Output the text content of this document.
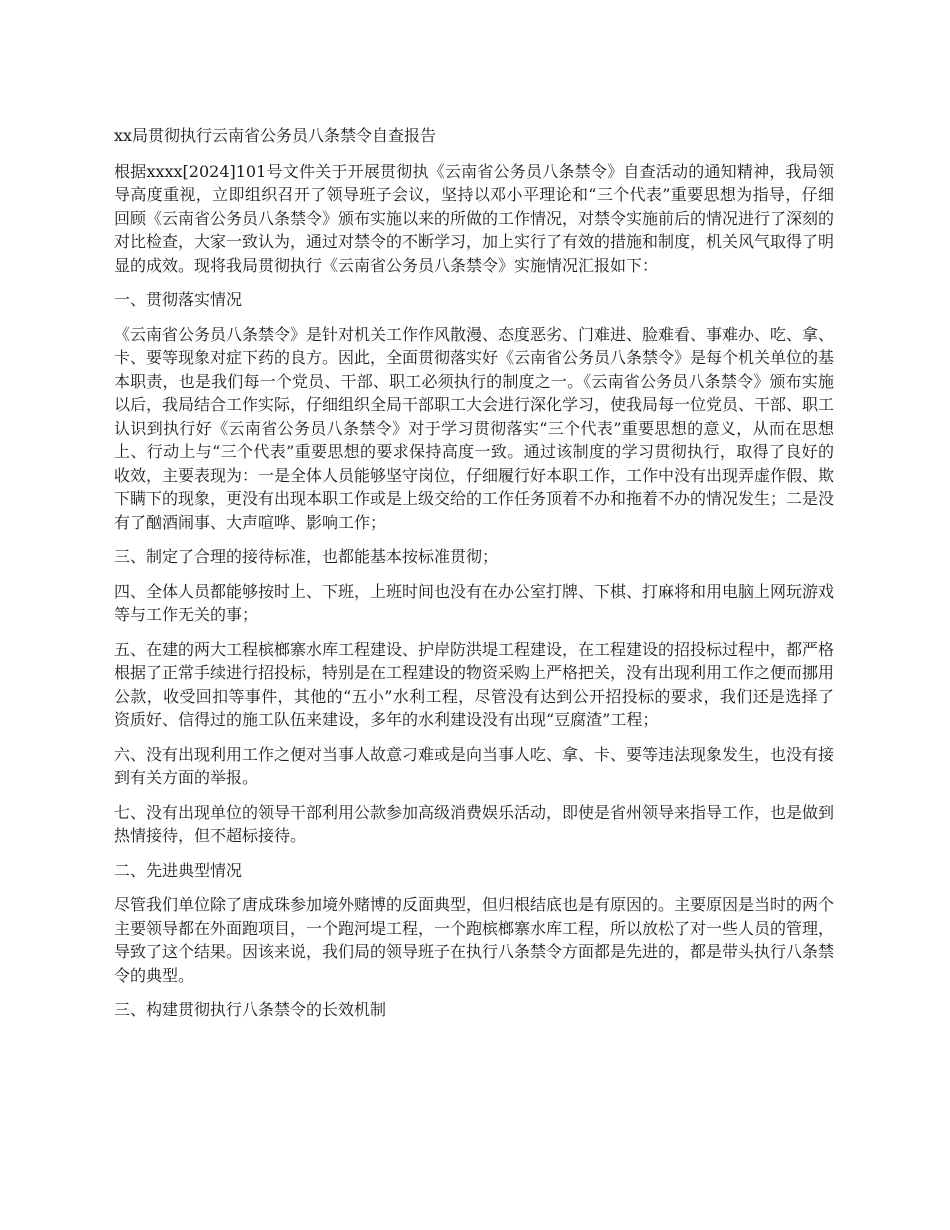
xx局贯彻执行云南省公务员八条禁令自查报告

根据xxxx[2024]101号文件关于开展贯彻执《云南省公务员八条禁令》自查活动的通知精神，我局领导高度重视，立即组织召开了领导班子会议，坚持以邓小平理论和“三个代表”重要思想为指导，仔细回顾《云南省公务员八条禁令》颁布实施以来的所做的工作情况，对禁令实施前后的情况进行了深刻的对比检查，大家一致认为，通过对禁令的不断学习，加上实行了有效的措施和制度，机关风气取得了明显的成效。现将我局贯彻执行《云南省公务员八条禁令》实施情况汇报如下：

一、贯彻落实情况

《云南省公务员八条禁令》是针对机关工作作风散漫、态度恶劣、门难进、脸难看、事难办、吃、拿、卡、要等现象对症下药的良方。因此，全面贯彻落实好《云南省公务员八条禁令》是每个机关单位的基本职责，也是我们每一个党员、干部、职工必须执行的制度之一。《云南省公务员八条禁令》颁布实施以后，我局结合工作实际，仔细组织全局干部职工大会进行深化学习，使我局每一位党员、干部、职工认识到执行好《云南省公务员八条禁令》对于学习贯彻落实“三个代表”重要思想的意义，从而在思想上、行动上与“三个代表”重要思想的要求保持高度一致。通过该制度的学习贯彻执行，取得了良好的收效，主要表现为：一是全体人员能够坚守岗位，仔细履行好本职工作，工作中没有出现弄虚作假、欺下瞒下的现象，更没有出现本职工作或是上级交给的工作任务顶着不办和拖着不办的情况发生；二是没有了酗酒闹事、大声喧哗、影响工作；

三、制定了合理的接待标准，也都能基本按标准贯彻；

四、全体人员都能够按时上、下班，上班时间也没有在办公室打牌、下棋、打麻将和用电脑上网玩游戏等与工作无关的事；

五、在建的两大工程槟榔寨水库工程建设、护岸防洪堤工程建设，在工程建设的招投标过程中，都严格根据了正常手续进行招投标，特别是在工程建设的物资采购上严格把关，没有出现利用工作之便而挪用公款，收受回扣等事件，其他的“五小”水利工程，尽管没有达到公开招投标的要求，我们还是选择了资质好、信得过的施工队伍来建设，多年的水利建设没有出现“豆腐渣”工程；

六、没有出现利用工作之便对当事人故意刁难或是向当事人吃、拿、卡、要等违法现象发生，也没有接到有关方面的举报。

七、没有出现单位的领导干部利用公款参加高级消费娱乐活动，即使是省州领导来指导工作，也是做到热情接待，但不超标接待。

二、先进典型情况

尽管我们单位除了唐成珠参加境外赌博的反面典型，但归根结底也是有原因的。主要原因是当时的两个主要领导都在外面跑项目，一个跑河堤工程，一个跑槟榔寨水库工程，所以放松了对一些人员的管理，导致了这个结果。因该来说，我们局的领导班子在执行八条禁令方面都是先进的，都是带头执行八条禁令的典型。

三、构建贯彻执行八条禁令的长效机制
